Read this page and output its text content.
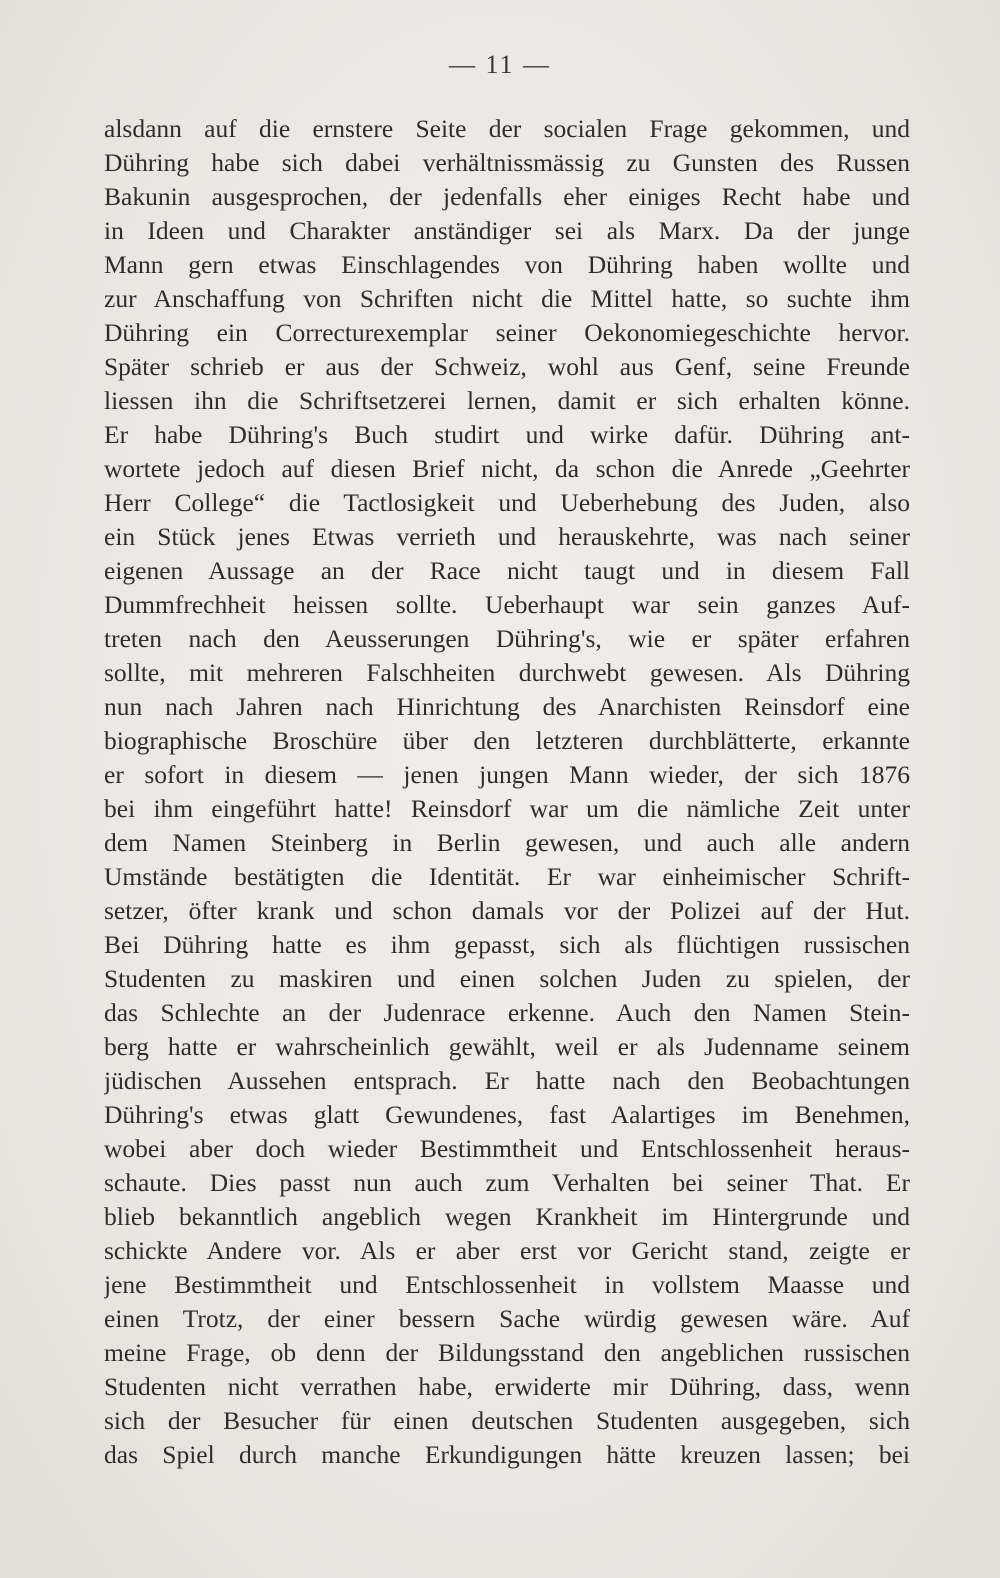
— 11 —
alsdann auf die ernstere Seite der socialen Frage gekommen, und
Dühring habe sich dabei verhältnissmässig zu Gunsten des Russen
Bakunin ausgesprochen, der jedenfalls eher einiges Recht habe und
in Ideen und Charakter anständiger sei als Marx. Da der junge
Mann gern etwas Einschlagendes von Dühring haben wollte und
zur Anschaffung von Schriften nicht die Mittel hatte, so suchte ihm
Dühring ein Correcturexemplar seiner Oekonomiegeschichte hervor.
Später schrieb er aus der Schweiz, wohl aus Genf, seine Freunde
liessen ihn die Schriftsetzerei lernen, damit er sich erhalten könne.
Er habe Dühring's Buch studirt und wirke dafür. Dühring ant-
wortete jedoch auf diesen Brief nicht, da schon die Anrede „Geehrter
Herr College“ die Tactlosigkeit und Ueberhebung des Juden, also
ein Stück jenes Etwas verrieth und herauskehrte, was nach seiner
eigenen Aussage an der Race nicht taugt und in diesem Fall
Dummfrechheit heissen sollte. Ueberhaupt war sein ganzes Auf-
treten nach den Aeusserungen Dühring's, wie er später erfahren
sollte, mit mehreren Falschheiten durchwebt gewesen. Als Dühring
nun nach Jahren nach Hinrichtung des Anarchisten Reinsdorf eine
biographische Broschüre über den letzteren durchblätterte, erkannte
er sofort in diesem — jenen jungen Mann wieder, der sich 1876
bei ihm eingeführt hatte! Reinsdorf war um die nämliche Zeit unter
dem Namen Steinberg in Berlin gewesen, und auch alle andern
Umstände bestätigten die Identität. Er war einheimischer Schrift-
setzer, öfter krank und schon damals vor der Polizei auf der Hut.
Bei Dühring hatte es ihm gepasst, sich als flüchtigen russischen
Studenten zu maskiren und einen solchen Juden zu spielen, der
das Schlechte an der Judenrace erkenne. Auch den Namen Stein-
berg hatte er wahrscheinlich gewählt, weil er als Judenname seinem
jüdischen Aussehen entsprach. Er hatte nach den Beobachtungen
Dühring's etwas glatt Gewundenes, fast Aalartiges im Benehmen,
wobei aber doch wieder Bestimmtheit und Entschlossenheit heraus-
schaute. Dies passt nun auch zum Verhalten bei seiner That. Er
blieb bekanntlich angeblich wegen Krankheit im Hintergrunde und
schickte Andere vor. Als er aber erst vor Gericht stand, zeigte er
jene Bestimmtheit und Entschlossenheit in vollstem Maasse und
einen Trotz, der einer bessern Sache würdig gewesen wäre. Auf
meine Frage, ob denn der Bildungsstand den angeblichen russischen
Studenten nicht verrathen habe, erwiderte mir Dühring, dass, wenn
sich der Besucher für einen deutschen Studenten ausgegeben, sich
das Spiel durch manche Erkundigungen hätte kreuzen lassen; bei
